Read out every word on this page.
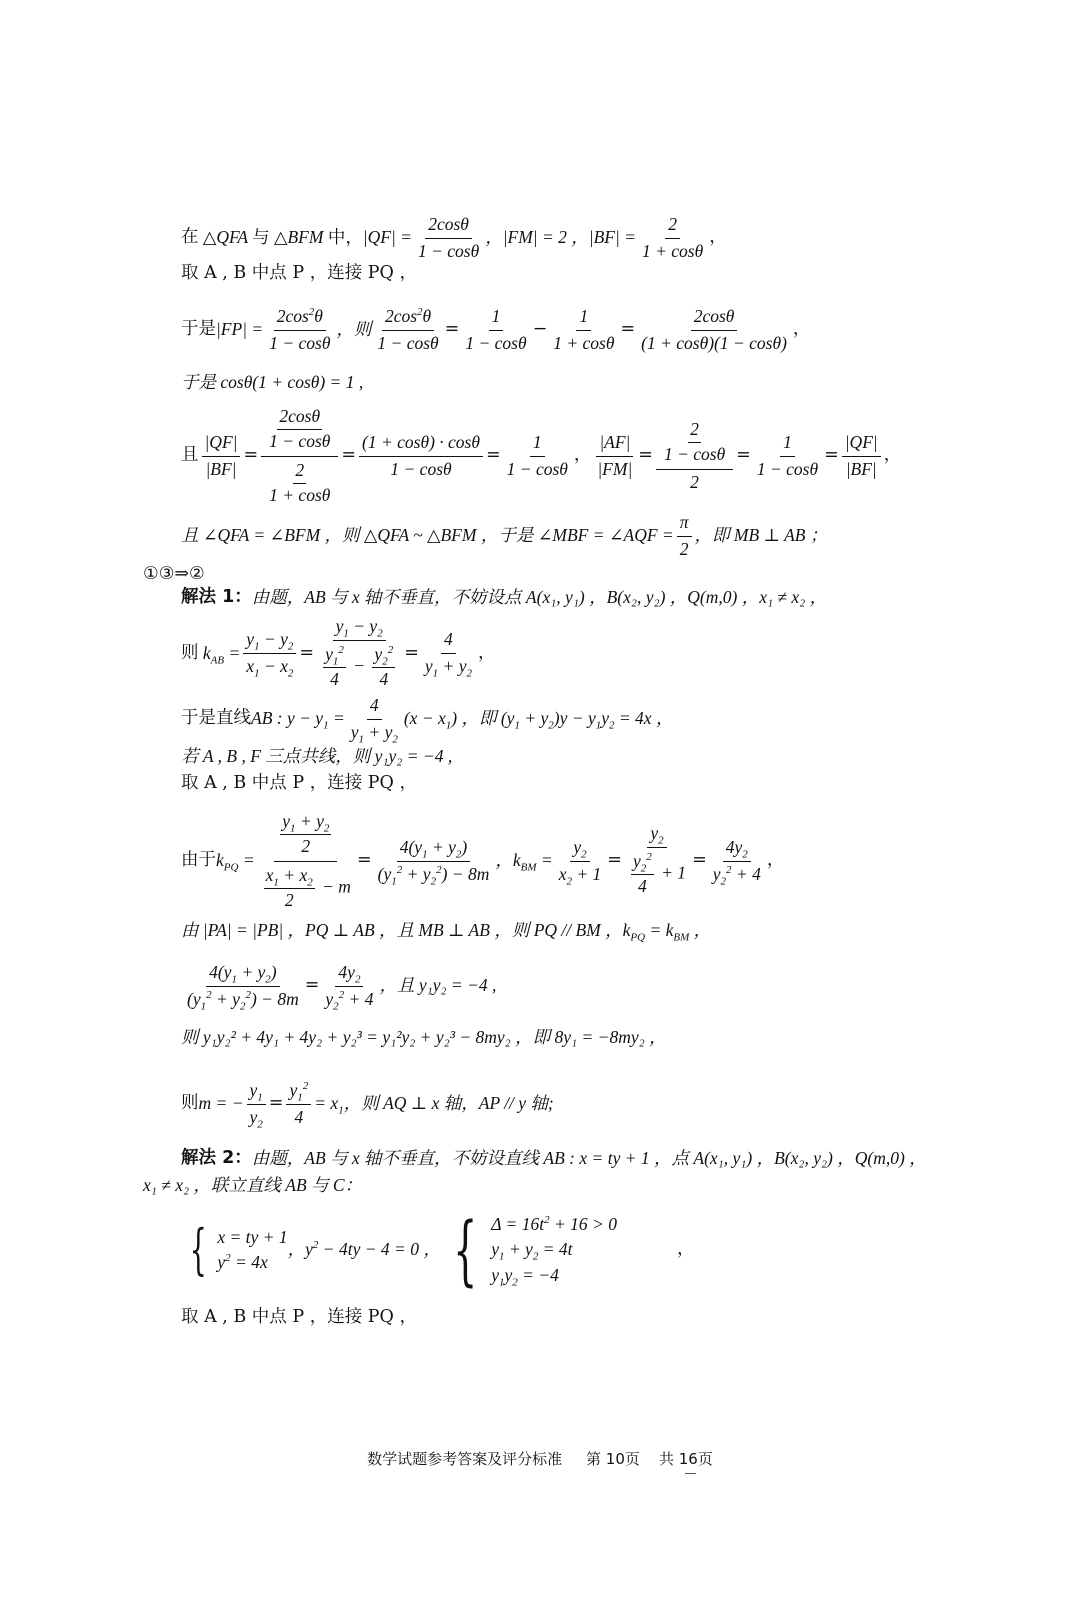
在 △QFA 与 △BFM 中，$|QF| = \frac{2\cos\theta}{1 - \cos\theta}$ ，|FM| = 2 ，$|BF| = \frac{2}{1 + \cos\theta}$ ，
取 A , B 中点 P ，连接 PQ ，
于是 $|FP| = \frac{2\cos^2\theta}{1 - \cos\theta}$ ，则 $\frac{2\cos^2\theta}{1 - \cos\theta} = \frac{1}{1 - \cos\theta} - \frac{1}{1 + \cos\theta} = \frac{2\cos\theta}{(1 + \cos\theta)(1 - \cos\theta)}$ ，
于是 cosθ(1 + cosθ) = 1 ,
且 $\frac{|QF|}{|BF|} = \frac{\frac{2\cos\theta}{1 - \cos\theta}}{\frac{2}{1 + \cos\theta}} = \frac{(1 + \cos\theta) \cdot \cos\theta}{1 - \cos\theta} = \frac{1}{1 - \cos\theta}$ ， $\frac{|AF|}{|FM|} = \frac{\frac{2}{1 - \cos\theta}}{2} = \frac{1}{1 - \cos\theta} = \frac{|QF|}{|BF|}$ ，
且 ∠QFA = ∠BFM ，则 △QFA ~ △BFM ，于是 ∠MBF = ∠AQF = $\frac{\pi}{2}$ ，即 MB ⊥ AB ；
①③⇒②
解法 1： 由题，AB 与 x 轴不垂直，不妨设点 A(x₁, y₁) ，B(x₂, y₂) ，Q(m,0) ，x₁ ≠ x₂ ，
则 $k_{AB} = \frac{y_1 - y_2}{x_1 - x_2} = \frac{y_1 - y_2}{\frac{y_1^2}{4} - \frac{y_2^2}{4}} = \frac{4}{y_1 + y_2}$ ，
于是直线 AB : $y - y_1 = \frac{4}{y_1 + y_2} (x - x_1)$ ，即 $(y_1 + y_2)y - y_1y_2 = 4x$ ，
若 A , B , F 三点共线，则 y₁y₂ = −4 ,
取 A , B 中点 P ，连接 PQ ，
由于 $k_{PQ} = \frac{\frac{y_1 + y_2}{2}}{\frac{x_1 + x_2}{2} - m} = \frac{4(y_1 + y_2)}{(y_1^2 + y_2^2) - 8m}$ ，$k_{BM} = \frac{y_2}{x_2 + 1} = \frac{y_2}{\frac{y_2^2}{4} + 1} = \frac{4y_2}{y_2^2 + 4}$ ，
由 |PA| = |PB| ，PQ ⊥ AB ，且 MB ⊥ AB ，则 PQ // BM ，k $_{PQ} = k_{BM}$ ，
$\frac{4(y_1 + y_2)}{(y_1^2 + y_2^2) - 8m} = \frac{4y_2}{y_2^2 + 4}$ ，且 y₁y₂ = −4 ,
则 y₁y₂² + 4y₁ + 4y₂ + y₂³ = y₁²y₂ + y₂³ − 8my₂ ，即 8y₁ = −8my₂ ，
则 m = − $\frac{y_1}{y_2} = \frac{y_1^2}{4} = x_1$ ，则 AQ ⊥ x 轴，AP // y 轴;
解法 2： 由题，AB 与 x 轴不垂直，不妨设直线 AB : x = ty + 1 ，点 A(x₁, y₁) ，B(x₂, y₂) ，Q(m,0) ，
x₁ ≠ x₂ ，联立直线 AB 与 C：
{ x = ty + 1
$y^2 = 4x$
，$y^2 - 4ty - 4 = 0$ ， { $\Delta = 16t^2 + 16 > 0$
$y_1 + y_2 = 4t$
$y_1y_2 = -4$
，
取 A , B 中点 P ，连接 PQ ，
数学试题参考答案及评分标准 第 10页 共 16页
